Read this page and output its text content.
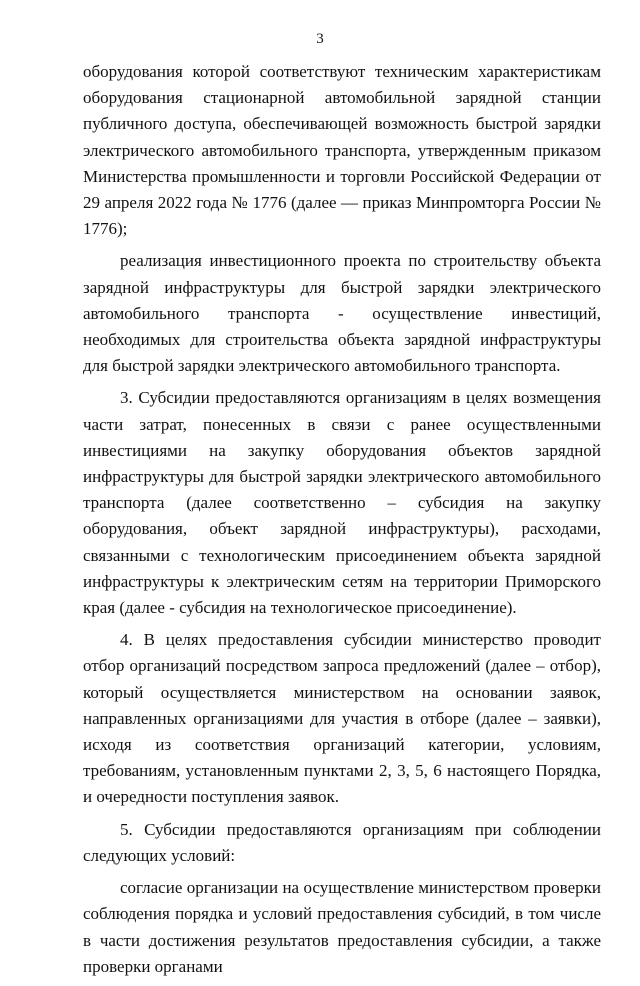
3

оборудования которой соответствуют техническим характеристикам оборудования стационарной автомобильной зарядной станции публичного доступа, обеспечивающей возможность быстрой зарядки электрического автомобильного транспорта, утвержденным приказом Министерства промышленности и торговли Российской Федерации от 29 апреля 2022 года № 1776 (далее — приказ Минпромторга России № 1776);

реализация инвестиционного проекта по строительству объекта зарядной инфраструктуры для быстрой зарядки электрического автомобильного транспорта - осуществление инвестиций, необходимых для строительства объекта зарядной инфраструктуры для быстрой зарядки электрического автомобильного транспорта.

3. Субсидии предоставляются организациям в целях возмещения части затрат, понесенных в связи с ранее осуществленными инвестициями на закупку оборудования объектов зарядной инфраструктуры для быстрой зарядки электрического автомобильного транспорта (далее соответственно – субсидия на закупку оборудования, объект зарядной инфраструктуры), расходами, связанными с технологическим присоединением объекта зарядной инфраструктуры к электрическим сетям на территории Приморского края (далее - субсидия на технологическое присоединение).

4. В целях предоставления субсидии министерство проводит отбор организаций посредством запроса предложений (далее – отбор), который осуществляется министерством на основании заявок, направленных организациями для участия в отборе (далее – заявки), исходя из соответствия организаций категории, условиям, требованиям, установленным пунктами 2, 3, 5, 6 настоящего Порядка, и очередности поступления заявок.

5. Субсидии предоставляются организациям при соблюдении следующих условий:

согласие организации на осуществление министерством проверки соблюдения порядка и условий предоставления субсидий, в том числе в части достижения результатов предоставления субсидии, а также проверки органами
